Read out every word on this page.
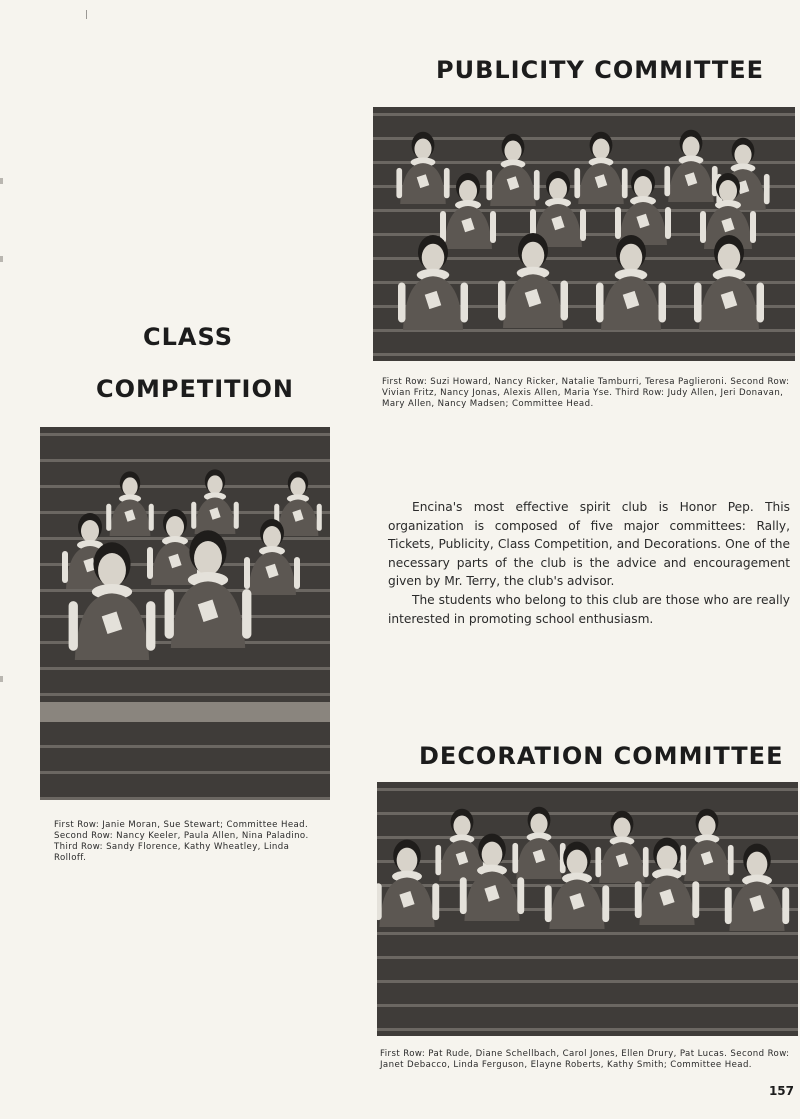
PUBLICITY COMMITTEE

First Row: Suzi Howard, Nancy Ricker, Natalie Tamburri, Teresa Paglieroni. Second Row: Vivian Fritz, Nancy Jonas, Alexis Allen, Maria Yse. Third Row: Judy Allen, Jeri Donavan, Mary Allen, Nancy Madsen; Committee Head.

CLASS
COMPETITION

First Row: Janie Moran, Sue Stewart; Committee Head. Second Row: Nancy Keeler, Paula Allen, Nina Paladino. Third Row: Sandy Florence, Kathy Wheatley, Linda Rolloff.

Encina's most effective spirit club is Honor Pep. This organization is composed of five major committees: Rally, Tickets, Publicity, Class Competition, and Decorations. One of the necessary parts of the club is the advice and encouragement given by Mr. Terry, the club's advisor.

The students who belong to this club are those who are really interested in promoting school enthusiasm.

DECORATION COMMITTEE

First Row: Pat Rude, Diane Schellbach, Carol Jones, Ellen Drury, Pat Lucas. Second Row: Janet Debacco, Linda Ferguson, Elayne Roberts, Kathy Smith; Committee Head.

157
